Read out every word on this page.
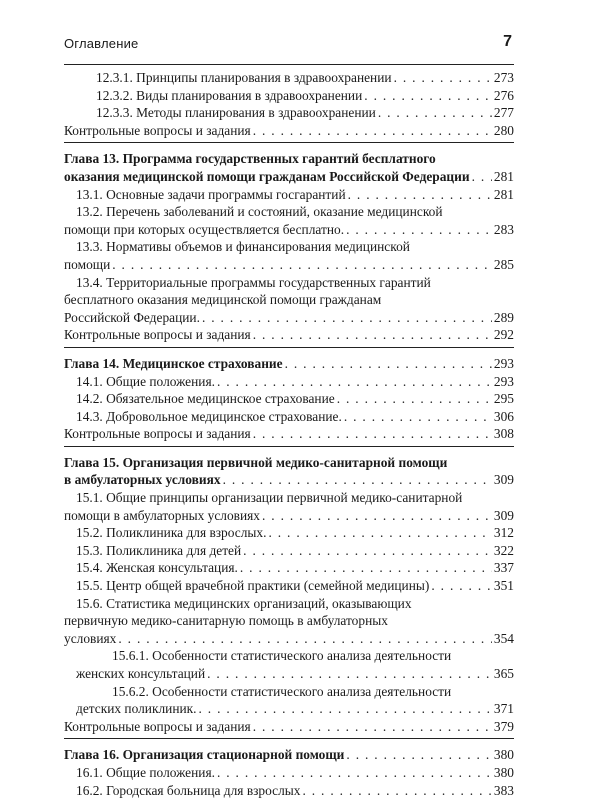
Оглавление	7
12.3.1. Принципы планирования в здравоохранении . . .	273
12.3.2. Виды планирования в здравоохранении . . .	276
12.3.3. Методы планирования в здравоохранении . . .	277
Контрольные вопросы и задания . . .	280
Глава 13. Программа государственных гарантий бесплатного
оказания медицинской помощи гражданам Российской Федерации . . . 281
13.1. Основные задачи программы госгарантий . . .	281
13.2. Перечень заболеваний и состояний, оказание медицинской
помощи при которых осуществляется бесплатно. . . .	283
13.3. Нормативы объемов и финансирования медицинской
помощи . . .	285
13.4. Территориальные программы государственных гарантий
бесплатного оказания медицинской помощи гражданам
Российской Федерации. . . .	289
Контрольные вопросы и задания . . .	292
Глава 14. Медицинское страхование . . .	293
14.1. Общие положения. . . .	293
14.2. Обязательное медицинское страхование . . .	295
14.3. Добровольное медицинское страхование. . . .	306
Контрольные вопросы и задания . . .	308
Глава 15. Организация первичной медико-санитарной помощи
в амбулаторных условиях . . .	309
15.1. Общие принципы организации первичной медико-санитарной
помощи в амбулаторных условиях . . .	309
15.2. Поликлиника для взрослых. . . .	312
15.3. Поликлиника для детей . . .	322
15.4. Женская консультация. . . .	337
15.5. Центр общей врачебной практики (семейной медицины) . . .	351
15.6. Статистика медицинских организаций, оказывающих
первичную медико-санитарную помощь в амбулаторных
условиях . . .	354
15.6.1. Особенности статистического анализа деятельности
женских консультаций . . .	365
15.6.2. Особенности статистического анализа деятельности
детских поликлиник. . . .	371
Контрольные вопросы и задания . . .	379
Глава 16. Организация стационарной помощи . . .	380
16.1. Общие положения. . . .	380
16.2. Городская больница для взрослых . . .	383
